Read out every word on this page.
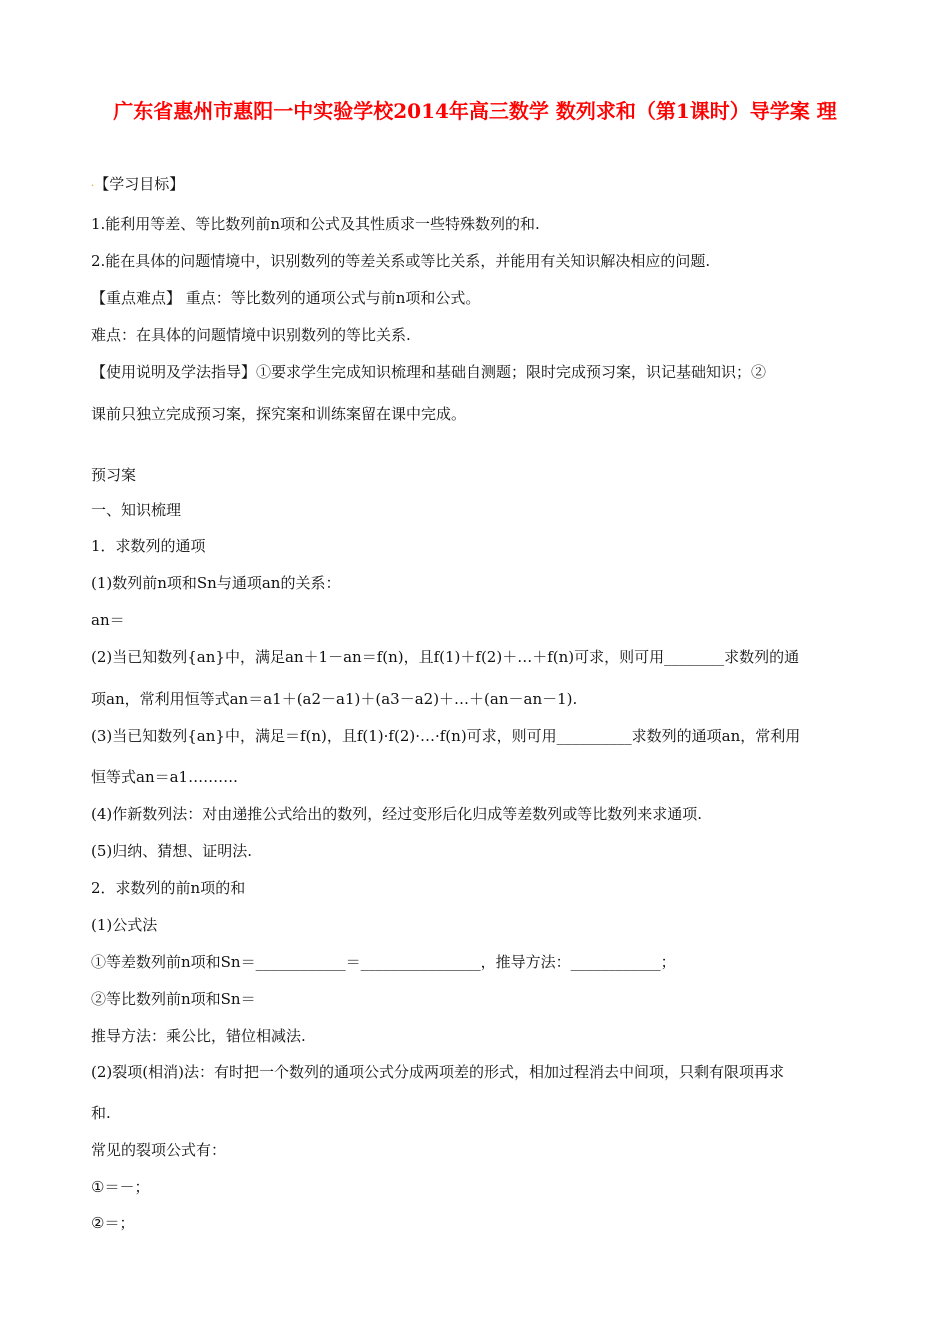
广东省惠州市惠阳一中实验学校2014年高三数学 数列求和（第1课时）导学案 理
.【学习目标】
1.能利用等差、等比数列前n项和公式及其性质求一些特殊数列的和.
2.能在具体的问题情境中，识别数列的等差关系或等比关系，并能用有关知识解决相应的问题.
【重点难点】 重点：等比数列的通项公式与前n项和公式。
难点：在具体的问题情境中识别数列的等比关系.
【使用说明及学法指导】①要求学生完成知识梳理和基础自测题；限时完成预习案，识记基础知识；②
课前只独立完成预习案，探究案和训练案留在课中完成。
预习案
一、知识梳理
1．求数列的通项
(1)数列前n项和Sn与通项an的关系：
an＝
(2)当已知数列{an}中，满足an＋1－an＝f(n)，且f(1)＋f(2)＋…＋f(n)可求，则可用________求数列的通
项an，常利用恒等式an＝a1＋(a2－a1)＋(a3－a2)＋…＋(an－an－1).
(3)当已知数列{an}中，满足＝f(n)，且f(1)·f(2)·…·f(n)可求，则可用__________求数列的通项an，常利用
恒等式an＝a1……….
(4)作新数列法：对由递推公式给出的数列，经过变形后化归成等差数列或等比数列来求通项.
(5)归纳、猜想、证明法.
2．求数列的前n项的和
(1)公式法
①等差数列前n项和Sn＝____________＝________________，推导方法：____________；
②等比数列前n项和Sn＝
推导方法：乘公比，错位相减法.
(2)裂项(相消)法：有时把一个数列的通项公式分成两项差的形式，相加过程消去中间项，只剩有限项再求
和.
常见的裂项公式有：
①＝－；
②＝；
